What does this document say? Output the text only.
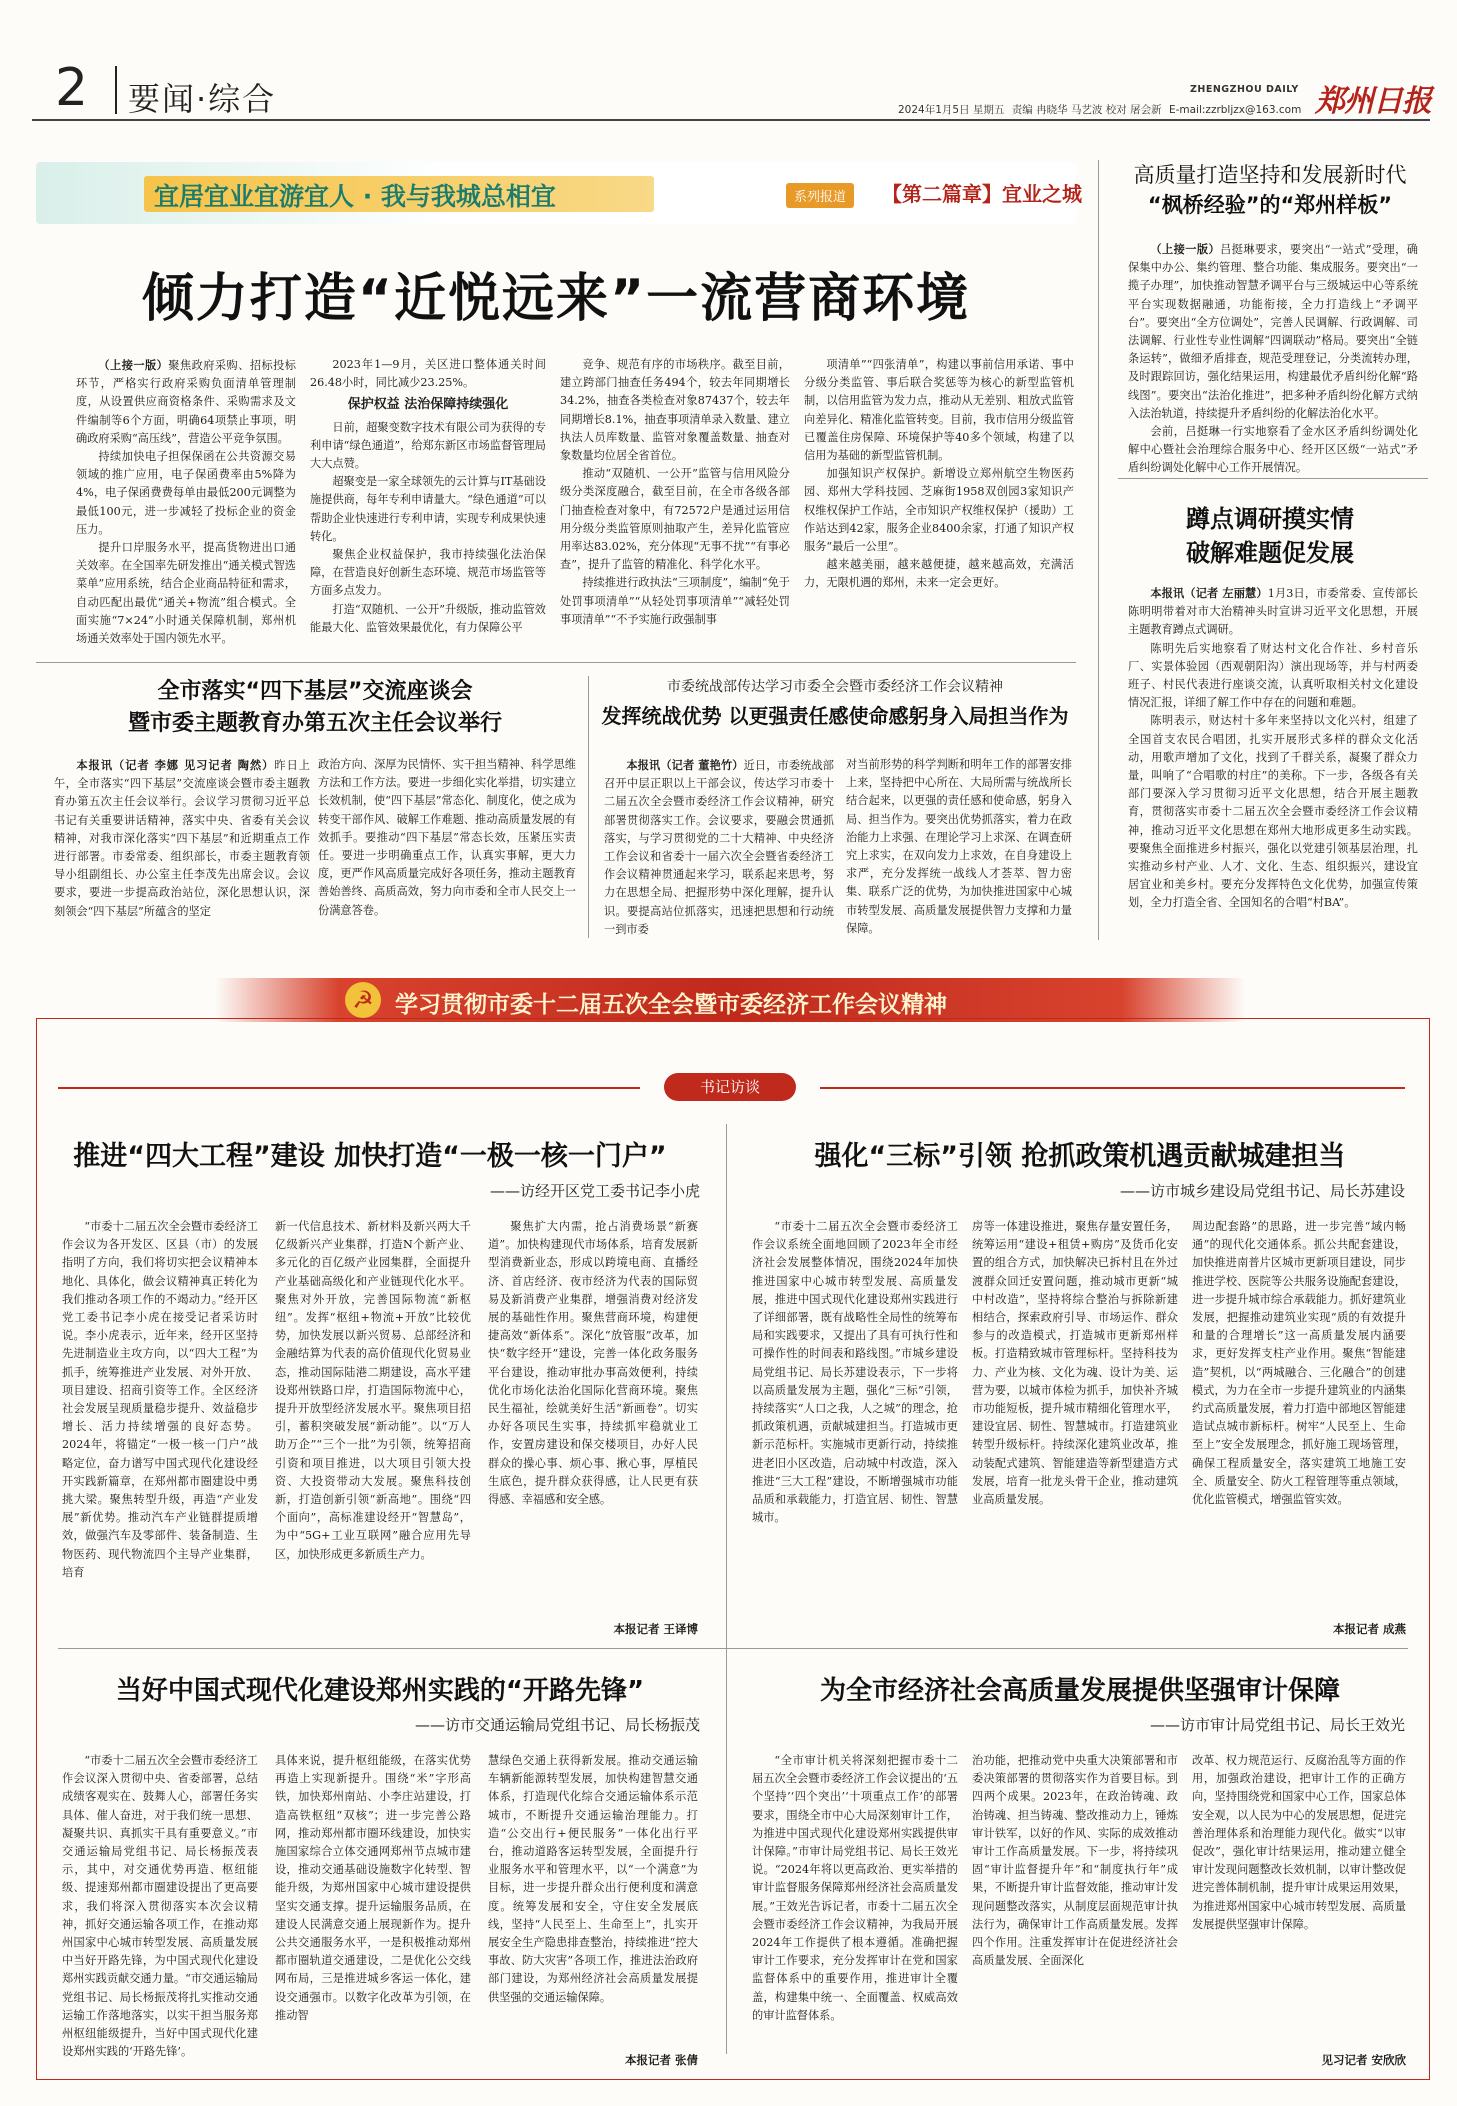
2 要闻·综合	ZHENGZHOU DAILY 郑州日报
2024年1月5日 星期五 责编 冉晓华 马艺波 校对 屠会新 E-mail:zzrbljzx@163.com
宜居宜业宜游宜人 · 我与我城总相宜	系列报道	【第二篇章】宜业之城
倾力打造“近悦远来”一流营商环境

（上接一版）聚焦政府采购、招标投标环节，严格实行政府采购负面清单管理制度，从设置供应商资格条件、采购需求及文件编制等6个方面，明确64项禁止事项，明确政府采购“高压线”，营造公平竞争氛围。

持续加快电子担保保函在公共资源交易领域的推广应用，电子保函费率由5%降为4%，电子保函费费每单由最低200元调整为最低100元，进一步减轻了投标企业的资金压力。

提升口岸服务水平，提高货物进出口通关效率。在全国率先研发推出“通关模式智选菜单”应用系统，结合企业商品特征和需求，自动匹配出最优“通关+物流”组合模式。全面实施“7×24”小时通关保障机制，郑州机场通关效率处于国内领先水平。

2023年1—9月，关区进口整体通关时间26.48小时，同比减少23.25%。

保护权益 法治保障持续强化

日前，超聚变数字技术有限公司为获得的专利申请“绿色通道”，给郑东新区市场监督管理局大大点赞。

超聚变是一家全球领先的云计算与IT基础设施提供商，每年专利申请量大。“绿色通道”可以帮助企业快速进行专利申请，实现专利成果快速转化。

聚焦企业权益保护，我市持续强化法治保障，在营造良好创新生态环境、规范市场监管等方面多点发力。

打造“双随机、一公开”升级版，推动监管效能最大化、监管效果最优化，有力保障公平

竞争、规范有序的市场秩序。截至目前，建立跨部门抽查任务494个，较去年同期增长34.2%，抽查各类检查对象87437个，较去年同期增长8.1%，抽查事项清单录入数量、建立执法人员库数量、监管对象覆盖数量、抽查对象数量均位居全省首位。

推动“双随机、一公开”监管与信用风险分级分类深度融合，截至目前，在全市各级各部门抽查检查对象中，有72572户是通过运用信用分级分类监管原则抽取产生，差异化监管应用率达83.02%，充分体现“无事不扰”“有事必查”，提升了监管的精准化、科学化水平。

持续推进行政执法“三项制度”，编制“免于处罚事项清单”“从轻处罚事项清单”“减轻处罚事项清单”“不予实施行政强制事

项清单”“四张清单”，构建以事前信用承诺、事中分级分类监管、事后联合奖惩等为核心的新型监管机制，以信用监管为发力点，推动从无差别、粗放式监管向差异化、精准化监管转变。目前，我市信用分级监管已覆盖住房保障、环境保护等40多个领域，构建了以信用为基础的新型监管机制。

加强知识产权保护。新增设立郑州航空生物医药园、郑州大学科技园、芝麻街1958双创园3家知识产权维权保护工作站，全市知识产权维权保护（援助）工作站达到42家，服务企业8400余家，打通了知识产权服务“最后一公里”。

越来越美丽，越来越便捷，越来越高效，充满活力，无限机遇的郑州，未来一定会更好。

高质量打造坚持和发展新时代
“枫桥经验”的“郑州样板”

（上接一版）吕挺琳要求，要突出“一站式”受理，确保集中办公、集约管理、整合功能、集成服务。要突出“一揽子办理”，加快推动智慧矛调平台与三级城运中心等系统平台实现数据融通，功能衔接，全力打造线上“矛调平台”。要突出“全方位调处”，完善人民调解、行政调解、司法调解、行业性专业性调解“四调联动”格局。要突出“全链条运转”，做细矛盾排查，规范受理登记，分类流转办理，及时跟踪回访，强化结果运用，构建最优矛盾纠纷化解“路线图”。要突出“法治化推进”，把多种矛盾纠纷化解方式纳入法治轨道，持续提升矛盾纠纷的化解法治化水平。

会前，吕挺琳一行实地察看了金水区矛盾纠纷调处化解中心暨社会治理综合服务中心、经开区区级“一站式”矛盾纠纷调处化解中心工作开展情况。

蹲点调研摸实情
破解难题促发展

本报讯（记者 左丽慧）1月3日，市委常委、宣传部长陈明明带着对市大治精神头时宣讲习近平文化思想，开展主题教育蹲点式调研。

陈明先后实地察看了财达村文化合作社、乡村音乐厂、实景体验园（西观朝阳沟）演出现场等，并与村两委班子、村民代表进行座谈交流，认真听取相关村文化建设情况汇报，详细了解工作中存在的问题和难题。

陈明表示，财达村十多年来坚持以文化兴村，组建了全国首支农民合唱团，扎实开展形式多样的群众文化活动，用歌声增加了文化，找到了千群关系，凝聚了群众力量，叫响了“合唱歌的村庄”的美称。下一步，各级各有关部门要深入学习贯彻习近平文化思想，结合开展主题教育，贯彻落实市委十二届五次全会暨市委经济工作会议精神，推动习近平文化思想在郑州大地形成更多生动实践。要聚焦全面推进乡村振兴，强化以党建引领基层治理，扎实推动乡村产业、人才、文化、生态、组织振兴，建设宜居宜业和美乡村。要充分发挥特色文化优势，加强宣传策划，全力打造全省、全国知名的合唱“村BA”。

全市落实“四下基层”交流座谈会
暨市委主题教育办第五次主任会议举行

本报讯（记者 李娜 见习记者 陶然）昨日上午，全市落实“四下基层”交流座谈会暨市委主题教育办第五次主任会议举行。会议学习贯彻习近平总书记有关重要讲话精神，落实中央、省委有关会议精神，对我市深化落实“四下基层”和近期重点工作进行部署。市委常委、组织部长，市委主题教育领导小组副组长、办公室主任李茂先出席会议。会议要求，要进一步提高政治站位，深化思想认识，深刻领会“四下基层”所蕴含的坚定

政治方向、深厚为民情怀、实干担当精神、科学思维方法和工作方法。要进一步细化实化举措，切实建立长效机制，使“四下基层”常态化、制度化，使之成为转变干部作风、破解工作难题、推动高质量发展的有效抓手。要推动“四下基层”常态长效，压紧压实责任。要进一步明确重点工作，认真实事解，更大力度，更严作风高质量完成好各项任务，推动主题教育善始善终、高质高效，努力向市委和全市人民交上一份满意答卷。

市委统战部传达学习市委全会暨市委经济工作会议精神
发挥统战优势 以更强责任感使命感躬身入局担当作为

本报讯（记者 董艳竹）近日，市委统战部召开中层正职以上干部会议，传达学习市委十二届五次全会暨市委经济工作会议精神，研究部署贯彻落实工作。会议要求，要融会贯通抓落实，与学习贯彻党的二十大精神、中央经济工作会议和省委十一届六次全会暨省委经济工作会议精神贯通起来学习，联系起来思考，努力在思想全局、把握形势中深化理解，提升认识。要提高站位抓落实，迅速把思想和行动统一到市委

对当前形势的科学判断和明年工作的部署安排上来，坚持把中心所在、大局所需与统战所长结合起来，以更强的责任感和使命感，躬身入局、担当作为。要突出优势抓落实，着力在政治能力上求强、在理论学习上求深、在调查研究上求实，在双向发力上求效，在自身建设上求严，充分发挥统一战线人才荟萃、智力密集、联系广泛的优势，为加快推进国家中心城市转型发展、高质量发展提供智力支撑和力量保障。

☭ 学习贯彻市委十二届五次全会暨市委经济工作会议精神
书记访谈
推进“四大工程”建设 加快打造“一极一核一门户”
——访经开区党工委书记李小虎

“市委十二届五次全会暨市委经济工作会议为各开发区、区县（市）的发展指明了方向，我们将切实把会议精神本地化、具体化，做会议精神真正转化为我们推动各项工作的不竭动力。”经开区党工委书记李小虎在接受记者采访时说。李小虎表示，近年来，经开区坚持先进制造业主攻方向，以“四大工程”为抓手，统筹推进产业发展、对外开放、项目建设、招商引资等工作。全区经济社会发展呈现质量稳步提升、效益稳步增长、活力持续增强的良好态势。2024年，将锚定“一极一核一门户”战略定位，奋力谱写中国式现代化建设经开实践新篇章，在郑州都市圈建设中勇挑大梁。聚焦转型升级，再造“产业发展”新优势。推动汽车产业链群提质增效，做强汽车及零部件、装备制造、生物医药、现代物流四个主导产业集群，培育

新一代信息技术、新材料及新兴两大千亿级新兴产业集群，打造N个新产业、多元化的百亿级产业园集群，全面提升产业基础高级化和产业链现代化水平。聚焦对外开放，完善国际物流“新枢纽”。发挥“枢纽+物流+开放”比较优势，加快发展以新兴贸易、总部经济和金融结算为代表的高价值现代化贸易业态，推动国际陆港二期建设，高水平建设郑州铁路口岸，打造国际物流中心，提升开放型经济发展水平。聚焦项目招引，蓄积突破发展“新动能”。以“万人助万企”“三个一批”为引领，统筹招商引资和项目推进，以大项目引领大投资、大投资带动大发展。聚焦科技创新，打造创新引领“新高地”。围绕“四个面向”，高标准建设经开“智慧岛”，为中“5G+工业互联网”融合应用先导区，加快形成更多新质生产力。

聚焦扩大内需，抢占消费场景“新赛道”。加快构建现代市场体系，培育发展新型消费新业态，形成以跨境电商、直播经济、首店经济、夜市经济为代表的国际贸易及新消费产业集群，增强消费对经济发展的基础性作用。聚焦营商环境，构建便捷高效“新体系”。深化“放管服”改革，加快“数字经开”建设，完善一体化政务服务平台建设，推动审批办事高效便利，持续优化市场化法治化国际化营商环境。聚焦民生福祉，绘就美好生活“新画卷”。切实办好各项民生实事，持续抓牢稳就业工作，安置房建设和保交楼项目，办好人民群众的操心事、烦心事、揪心事，厚植民生底色，提升群众获得感，让人民更有获得感、幸福感和安全感。

本报记者 王译博
强化“三标”引领 抢抓政策机遇贡献城建担当
——访市城乡建设局党组书记、局长苏建设

“市委十二届五次全会暨市委经济工作会议系统全面地回顾了2023年全市经济社会发展整体情况，围绕2024年加快推进国家中心城市转型发展、高质量发展，推进中国式现代化建设郑州实践进行了详细部署，既有战略性全局性的统筹布局和实践要求，又提出了具有可执行性和可操作性的时间表和路线图。”市城乡建设局党组书记、局长苏建设表示，下一步将以高质量发展为主题，强化“三标”引领，持续落实“人口之我，人之城”的理念，抢抓政策机遇，贡献城建担当。打造城市更新示范标杆。实施城市更新行动，持续推进老旧小区改造，启动城中村改造，深入推进“三大工程”建设，不断增强城市功能品质和承载能力，打造宜居、韧性、智慧城市。

房等一体建设推进，聚焦存量安置任务，统筹运用“建设+租赁+购房”及货币化安置的组合方式，加快解决已拆村且在外过渡群众回迁安置问题，推动城市更新“城中村改造”，坚持将综合整治与拆除新建相结合，探索政府引导、市场运作、群众参与的改造模式，打造城市更新郑州样板。打造精致城市管理标杆。坚持科技为力、产业为核、文化为魂、设计为美、运营为要，以城市体检为抓手，加快补齐城市功能短板，提升城市精细化管理水平，建设宜居、韧性、智慧城市。打造建筑业转型升级标杆。持续深化建筑业改革，推动装配式建筑、智能建造等新型建造方式发展，培育一批龙头骨干企业，推动建筑业高质量发展。

周边配套路”的思路，进一步完善“域内畅通”的现代化交通体系。抓公共配套建设，加快推进南普片区城市更新项目建设，同步推进学校、医院等公共服务设施配套建设，进一步提升城市综合承载能力。抓好建筑业发展，把握推动建筑业实现“质的有效提升和量的合理增长”这一高质量发展内涵要求，更好发挥支柱产业作用。聚焦“智能建造”契机，以“两城融合、三化融合”的创建模式，为力在全市一步提升建筑业的内涵集约式高质量发展，着力打造中部地区智能建造试点城市新标杆。树牢“人民至上、生命至上”安全发展理念，抓好施工现场管理，确保工程质量安全，落实建筑工地施工安全、质量安全、防火工程管理等重点领域，优化监管模式，增强监管实效。

本报记者 成燕
当好中国式现代化建设郑州实践的“开路先锋”
——访市交通运输局党组书记、局长杨振茂

“市委十二届五次全会暨市委经济工作会议深入贯彻中央、省委部署，总结成绩客观实在、鼓舞人心，部署任务实具体、催人奋进，对于我们统一思想、凝聚共识、真抓实干具有重要意义。”市交通运输局党组书记、局长杨振茂表示，其中，对交通优势再造、枢纽能级、提速郑州都市圈建设提出了更高要求，我们将深入贯彻落实本次会议精神，抓好交通运输各项工作，在推动郑州国家中心城市转型发展、高质量发展中当好开路先锋，为中国式现代化建设郑州实践贡献交通力量。“市交通运输局党组书记、局长杨振茂将扎实推动交通运输工作落地落实，以实干担当服务郑州枢纽能级提升，当好中国式现代化建设郑州实践的‘开路先锋’。

具体来说，提升枢纽能级，在落实优势再造上实现新提升。围绕“米”字形高铁，加快郑州南站、小李庄站建设，打造高铁枢纽“双核”；进一步完善公路网，推动郑州都市圈环线建设，加快实施国家综合立体交通网郑州节点城市建设，推动交通基础设施数字化转型、智能升级，为郑州国家中心城市建设提供坚实交通支撑。提升运输服务品质，在建设人民满意交通上展现新作为。提升公共交通服务水平，一是积极推动郑州都市圈轨道交通建设，二是优化公交线网布局，三是推进城乡客运一体化，建设交通强市。以数字化改革为引领，在推动智

慧绿色交通上获得新发展。推动交通运输车辆新能源转型发展，加快构建智慧交通体系，打造现代化综合交通运输体系示范城市，不断提升交通运输治理能力。打造“公交出行+便民服务”一体化出行平台，推动道路客运转型发展，全面提升行业服务水平和管理水平，以“一个满意”为目标，进一步提升群众出行便利度和满意度。统筹发展和安全，守住安全发展底线，坚持“人民至上、生命至上”，扎实开展安全生产隐患排查整治，持续推进“控大事故、防大灾害”各项工作，推进法治政府部门建设，为郑州经济社会高质量发展提供坚强的交通运输保障。

本报记者 张倩
为全市经济社会高质量发展提供坚强审计保障
——访市审计局党组书记、局长王效光

“全市审计机关将深刻把握市委十二届五次全会暨市委经济工作会议提出的‘五个坚持’‘四个突出’‘十项重点工作’的部署要求，围绕全市中心大局深刻审计工作，为推进中国式现代化建设郑州实践提供审计保障。”市审计局党组书记、局长王效光说。“2024年将以更高政治、更实举措的审计监督服务保障郑州经济社会高质量发展。”王效光告诉记者，市委十二届五次全会暨市委经济工作会议精神，为我局开展2024年工作提供了根本遵循。准确把握审计工作要求，充分发挥审计在党和国家监督体系中的重要作用，推进审计全覆盖，构建集中统一、全面覆盖、权威高效的审计监督体系。

治功能，把推动党中央重大决策部署和市委决策部署的贯彻落实作为首要目标。到四两个成果。2023年，在政治铸魂、政治铸魂、担当铸魂、整改推动力上，锤炼审计铁军，以好的作风、实际的成效推动审计工作高质量发展。下一步，将持续巩固“审计监督提升年”和“制度执行年”成果，不断提升审计监督效能，推动审计发现问题整改落实，从制度层面规范审计执法行为，确保审计工作高质量发展。发挥四个作用。注重发挥审计在促进经济社会高质量发展、全面深化

改革、权力规范运行、反腐治乱等方面的作用，加强政治建设，把审计工作的正确方向，坚持围绕党和国家中心工作，国家总体安全观，以人民为中心的发展思想，促进完善治理体系和治理能力现代化。做实“以审促改”，强化审计结果运用，推动建立健全审计发现问题整改长效机制，以审计整改促进完善体制机制，提升审计成果运用效果，为推进郑州国家中心城市转型发展、高质量发展提供坚强审计保障。

见习记者 安欣欣
